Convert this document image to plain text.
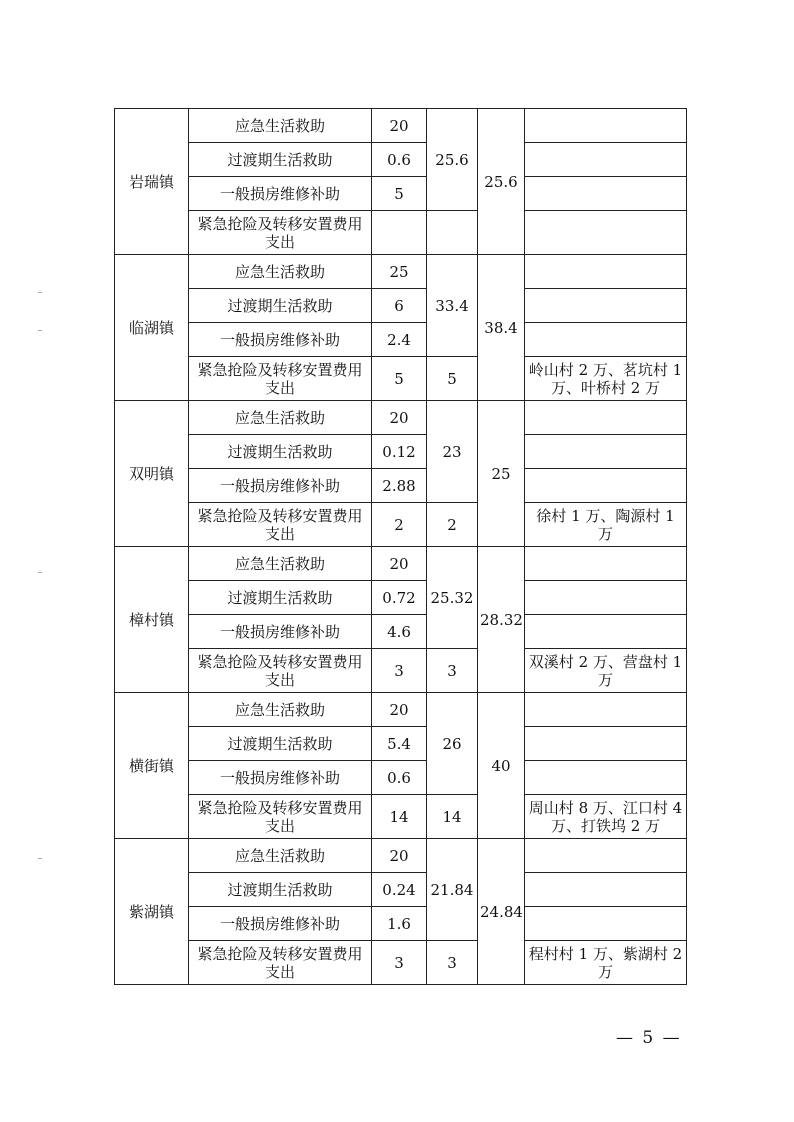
岩瑞镇	应急生活救助	20	25.6	25.6	
	过渡期生活救助	0.6			
	一般损房维修补助	5			
	紧急抢险及转移安置费用支出				
临湖镇	应急生活救助	25	33.4	38.4	
	过渡期生活救助	6			
	一般损房维修补助	2.4			
	紧急抢险及转移安置费用支出	5	5		岭山村 2 万、茗坑村 1 万、叶桥村 2 万
双明镇	应急生活救助	20	23	25	
	过渡期生活救助	0.12			
	一般损房维修补助	2.88			
	紧急抢险及转移安置费用支出	2	2		徐村 1 万、陶源村 1 万
樟村镇	应急生活救助	20	25.32	28.32	
	过渡期生活救助	0.72			
	一般损房维修补助	4.6			
	紧急抢险及转移安置费用支出	3	3		双溪村 2 万、营盘村 1 万
横街镇	应急生活救助	20	26	40	
	过渡期生活救助	5.4			
	一般损房维修补助	0.6			
	紧急抢险及转移安置费用支出	14	14		周山村 8 万、江口村 4 万、打铁坞 2 万
紫湖镇	应急生活救助	20	21.84	24.84	
	过渡期生活救助	0.24			
	一般损房维修补助	1.6			
	紧急抢险及转移安置费用支出	3	3		程村村 1 万、紫湖村 2 万
— 5 —
